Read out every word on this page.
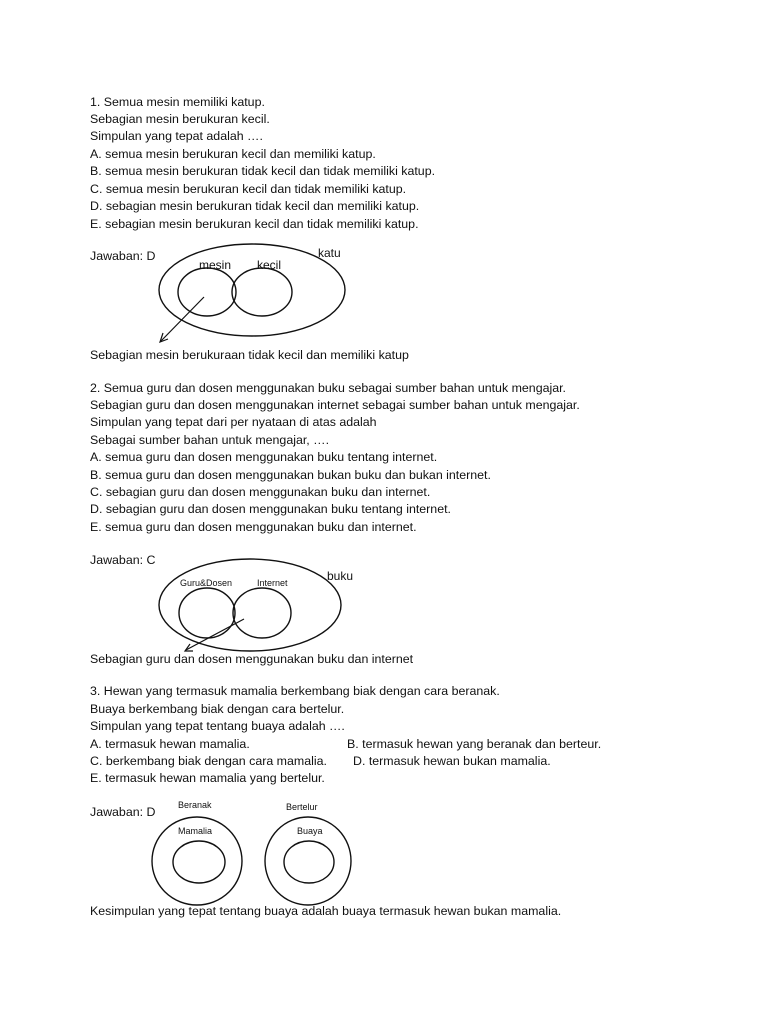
1. Semua mesin memiliki katup.
Sebagian mesin berukuran kecil.
Simpulan yang tepat adalah ….
A. semua mesin berukuran kecil dan memiliki katup.
B. semua mesin berukuran tidak kecil dan tidak memiliki katup.
C. semua mesin berukuran kecil dan tidak memiliki katup.
D. sebagian mesin berukuran tidak kecil dan memiliki katup.
E. sebagian mesin berukuran kecil dan tidak memiliki katup.
Jawaban: D	katu
mesin kecil
Sebagian mesin berukuraan tidak kecil dan memiliki katup
2. Semua guru dan dosen menggunakan buku sebagai sumber bahan untuk mengajar.
Sebagian guru dan dosen menggunakan internet sebagai sumber bahan untuk mengajar.
Simpulan yang tepat dari per nyataan di atas adalah
Sebagai sumber bahan untuk mengajar, ….
A. semua guru dan dosen menggunakan buku tentang internet.
B. semua guru dan dosen menggunakan bukan buku dan bukan internet.
C. sebagian guru dan dosen menggunakan buku dan internet.
D. sebagian guru dan dosen menggunakan buku tentang internet.
E. semua guru dan dosen menggunakan buku dan internet.
Jawaban: C
buku
Guru&Dosen	Internet
Sebagian guru dan dosen menggunakan buku dan internet
3. Hewan yang termasuk mamalia berkembang biak dengan cara beranak.
Buaya berkembang biak dengan cara bertelur.
Simpulan yang tepat tentang buaya adalah ….
A. termasuk hewan mamalia.	B. termasuk hewan yang beranak dan berteur.
C. berkembang biak dengan cara mamalia. D. termasuk hewan bukan mamalia.
E. termasuk hewan mamalia yang bertelur.
Jawaban: D	Beranak
Mamalia
Bertelur
Buaya
Kesimpulan yang tepat tentang buaya adalah buaya termasuk hewan bukan mamalia.
